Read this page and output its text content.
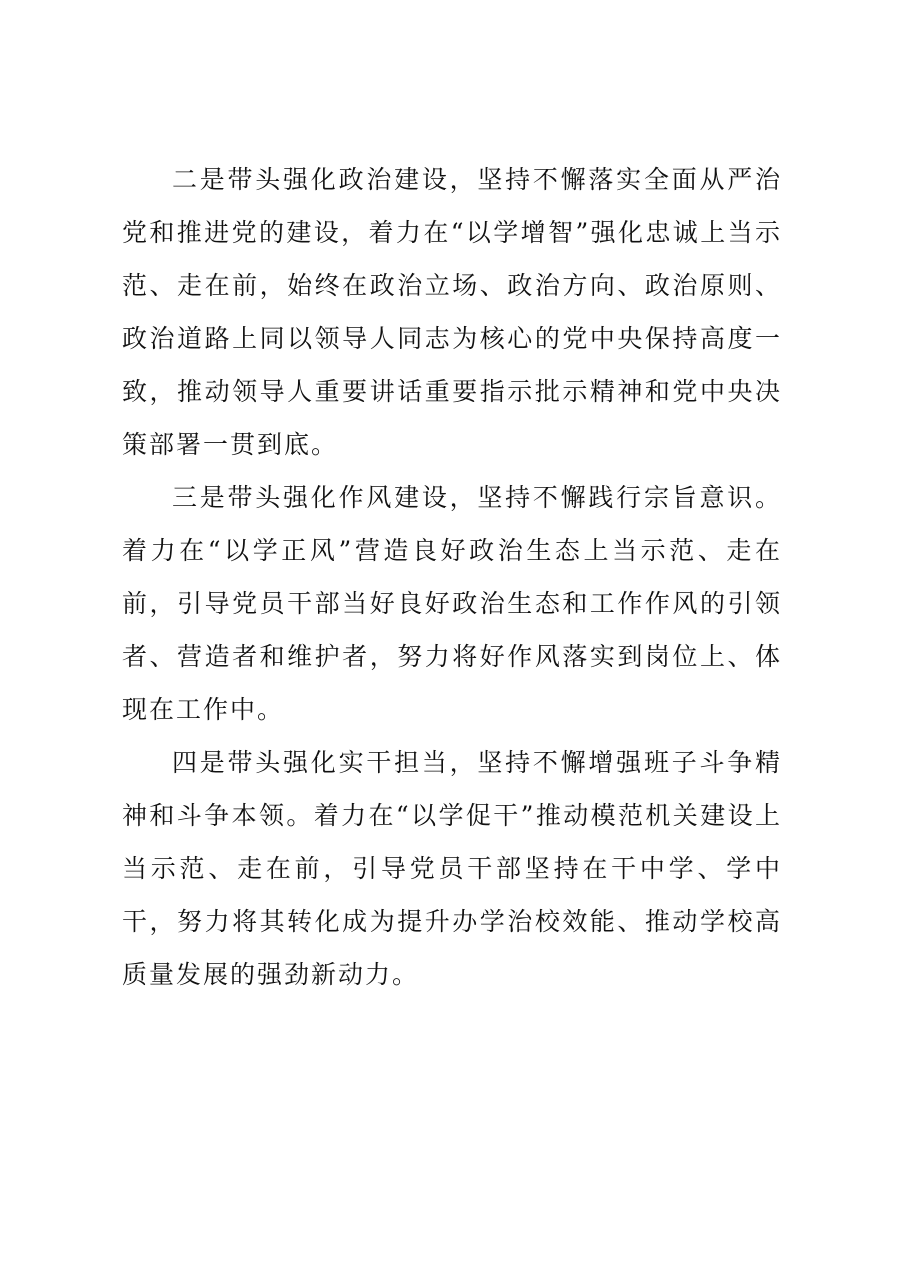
二是带头强化政治建设，坚持不懈落实全面从严治党和推进党的建设，着力在“以学增智”强化忠诚上当示范、走在前，始终在政治立场、政治方向、政治原则、政治道路上同以领导人同志为核心的党中央保持高度一致，推动领导人重要讲话重要指示批示精神和党中央决策部署一贯到底。

三是带头强化作风建设，坚持不懈践行宗旨意识。着力在“以学正风”营造良好政治生态上当示范、走在前，引导党员干部当好良好政治生态和工作作风的引领者、营造者和维护者，努力将好作风落实到岗位上、体现在工作中。

四是带头强化实干担当，坚持不懈增强班子斗争精神和斗争本领。着力在“以学促干”推动模范机关建设上当示范、走在前，引导党员干部坚持在干中学、学中干，努力将其转化成为提升办学治校效能、推动学校高质量发展的强劲新动力。
